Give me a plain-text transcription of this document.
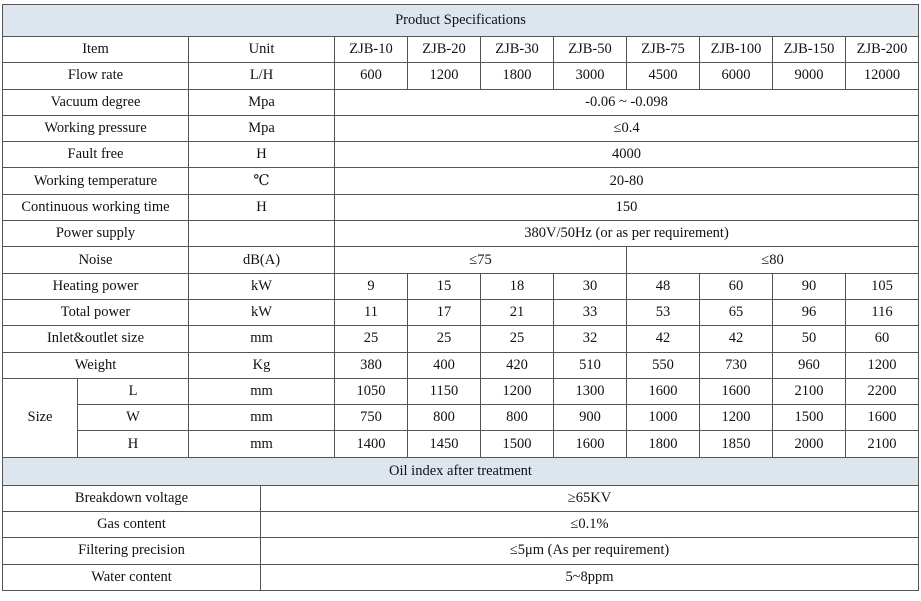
Product Specifications										
Item		Unit	ZJB-10	ZJB-20	ZJB-30	ZJB-50	ZJB-75	ZJB-100	ZJB-150	ZJB-200
Flow rate		L/H	600	1200	1800	3000	4500	6000	9000	12000
Vacuum degree		Mpa	-0.06 ~ -0.098							
Working pressure		Mpa	≤0.4							
Fault free		H	4000							
Working temperature		℃	20-80							
Continuous working time		H	150							
Power supply			380V/50Hz (or as per requirement)							
Noise		dB(A)	≤75				≤80			
Heating power		kW	9	15	18	30	48	60	90	105
Total power		kW	11	17	21	33	53	65	96	116
Inlet&outlet size		mm	25	25	25	32	42	42	50	60
Weight		Kg	380	400	420	510	550	730	960	1200
Size	L	mm	1050	1150	1200	1300	1600	1600	2100	2200
	W	mm	750	800	800	900	1000	1200	1500	1600
	H	mm	1400	1450	1500	1600	1800	1850	2000	2100
Oil index after treatment	
Breakdown voltage	≥65KV
Gas content	≤0.1%
Filtering precision	≤5μm (As per requirement)
Water content	5~8ppm
